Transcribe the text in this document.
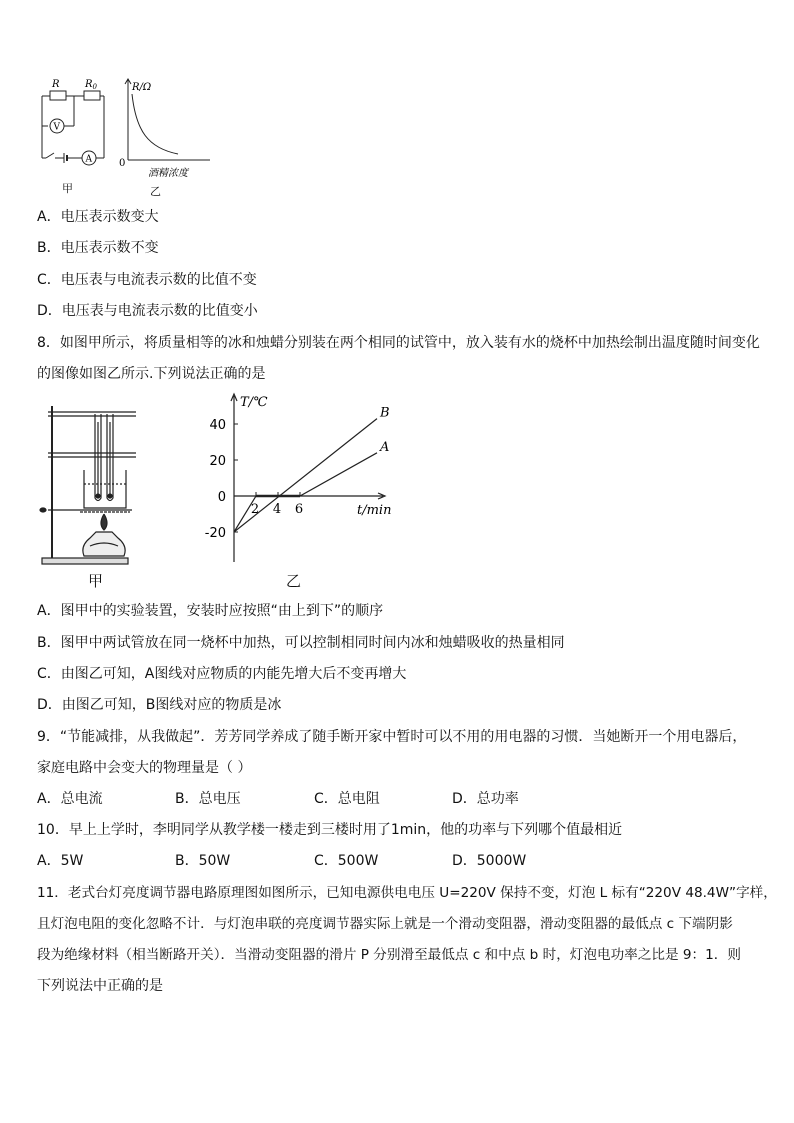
R	$R_0$
V
A
甲
R/Ω
0
酒精浓度
乙
A．电压表示数变大
B．电压表示数不变
C．电压表与电流表示数的比值不变
D．电压表与电流表示数的比值变小
8．如图甲所示，将质量相等的冰和烛蜡分别装在两个相同的试管中，放入装有水的烧杯中加热绘制出温度随时间变化
的图像如图乙所示.下列说法正确的是
甲
T/℃
t/min
40
20
0
-20
2 4 6
A
B
乙
A．图甲中的实验装置，安装时应按照“由上到下”的顺序
B．图甲中两试管放在同一烧杯中加热，可以控制相同时间内冰和烛蜡吸收的热量相同
C．由图乙可知，A图线对应物质的内能先增大后不变再增大
D．由图乙可知，B图线对应的物质是冰
9．“节能减排，从我做起”．芳芳同学养成了随手断开家中暂时可以不用的用电器的习惯．当她断开一个用电器后，
家庭电路中会变大的物理量是（ ）
A．总电流	B．总电压	C．总电阻	D．总功率
10．早上上学时，李明同学从教学楼一楼走到三楼时用了1min，他的功率与下列哪个值最相近
A．5W	B．50W	C．500W	D．5000W
11．老式台灯亮度调节器电路原理图如图所示，已知电源供电电压 U=220V 保持不变，灯泡 L 标有“220V 48.4W”字样，
且灯泡电阻的变化忽略不计．与灯泡串联的亮度调节器实际上就是一个滑动变阻器，滑动变阻器的最低点 c 下端阴影
段为绝缘材料（相当断路开关）．当滑动变阻器的滑片 P 分别滑至最低点 c 和中点 b 时，灯泡电功率之比是 9：1．则
下列说法中正确的是
